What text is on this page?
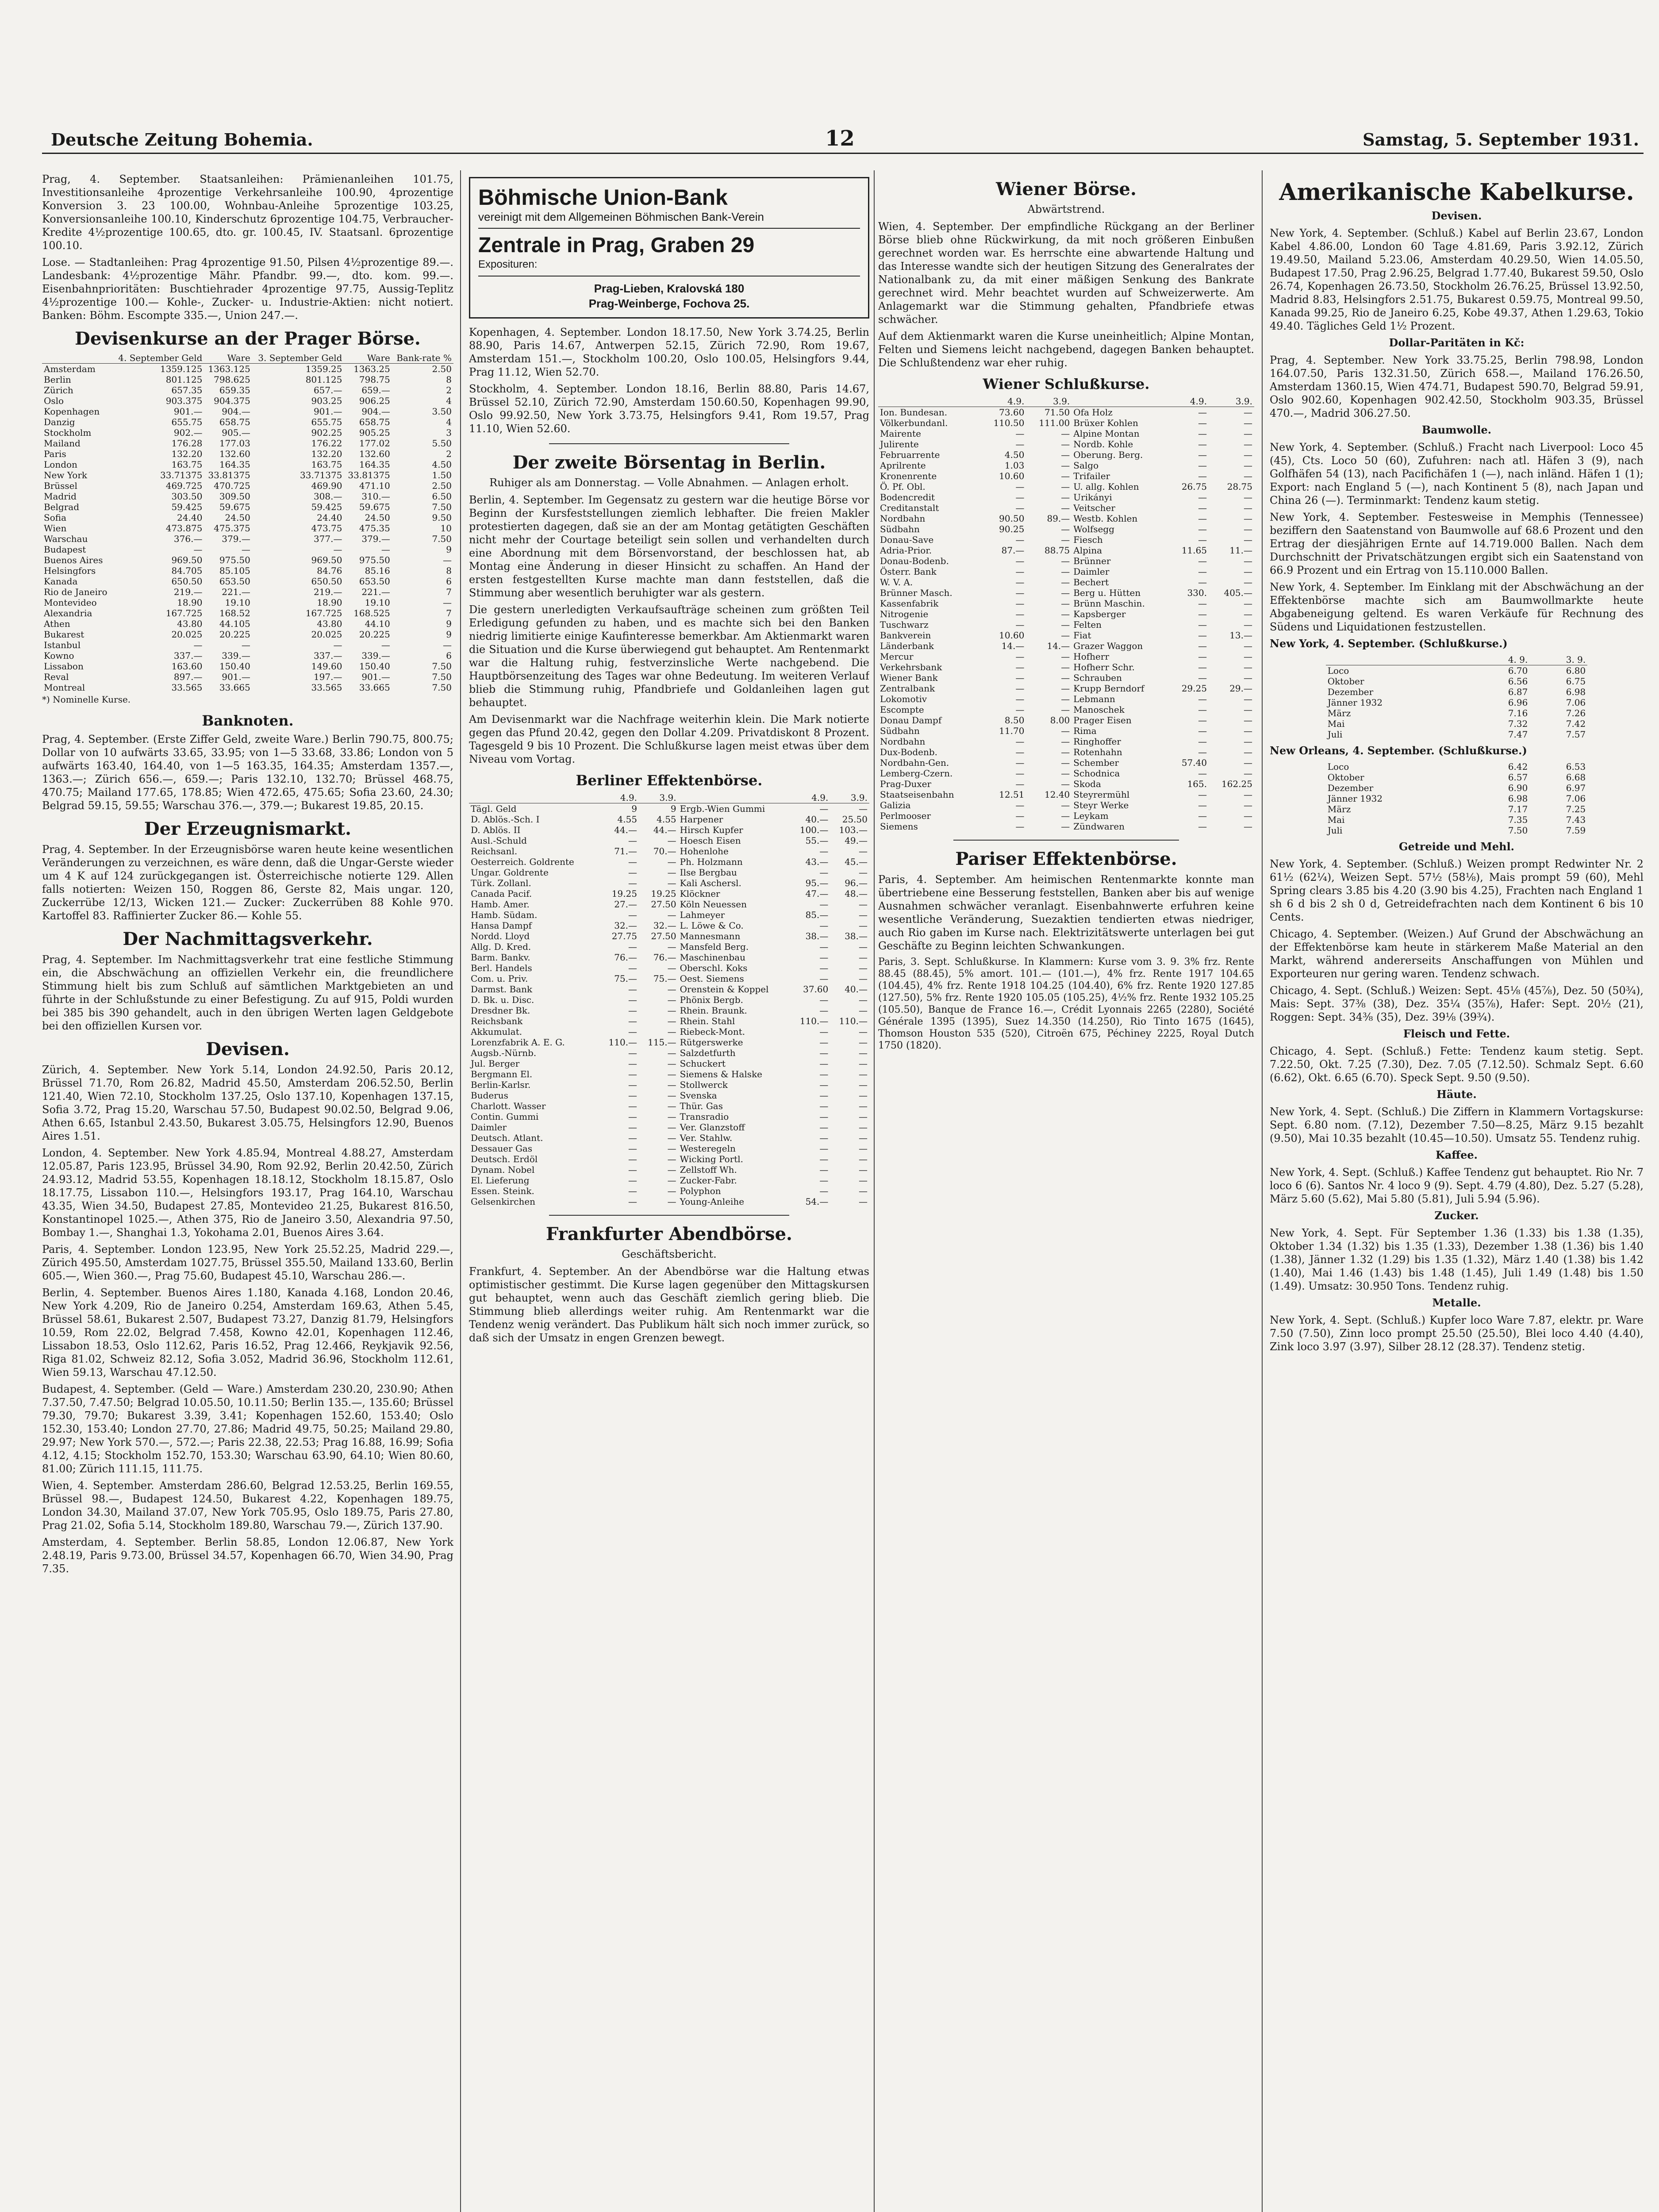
Deutsche Zeitung Bohemia.	12	Samstag, 5. September 1931.

Prag, 4. September. Staatsanleihen: Prämienanleihen 101.75, Investitionsanleihe 4prozentige Verkehrsanleihe 100.90, 4prozentige Konversion 3. 23 100.00, Wohnbau-Anleihe 5prozentige 103.25, Konversionsanleihe 100.10, Kinderschutz 6prozentige 104.75, Verbraucher-Kredite 4½prozentige 100.65, dto. gr. 100.45, IV. Staatsanl. 6prozentige 100.10.

Lose. — Stadtanleihen: Prag 4prozentige 91.50, Pilsen 4½prozentige 89.—. Landesbank: 4½prozentige Mähr. Pfandbr. 99.—, dto. kom. 99.—. Eisenbahnprioritäten: Buschtiehrader 4prozentige 97.75, Aussig-Teplitz 4½prozentige 100.— Kohle-, Zucker- u. Industrie-Aktien: nicht notiert. Banken: Böhm. Escompte 335.—, Union 247.—.

Devisenkurse an der Prager Börse.
	4. September Geld	Ware	3. September Geld	Ware	Bank-rate %
Amsterdam	1359.125	1363.125	1359.25	1363.25	2.50
Berlin	801.125	798.625	801.125	798.75	8
Zürich	657.35	659.35	657.—	659.—	2
Oslo	903.375	904.375	903.25	906.25	4
Kopenhagen	901.—	904.—	901.—	904.—	3.50
Danzig	655.75	658.75	655.75	658.75	4
Stockholm	902.—	905.—	902.25	905.25	3
Mailand	176.28	177.03	176.22	177.02	5.50
Paris	132.20	132.60	132.20	132.60	2
London	163.75	164.35	163.75	164.35	4.50
New York	33.71375	33.81375	33.71375	33.81375	1.50
Brüssel	469.725	470.725	469.90	471.10	2.50
Madrid	303.50	309.50	308.—	310.—	6.50
Belgrad	59.425	59.675	59.425	59.675	7.50
Sofia	24.40	24.50	24.40	24.50	9.50
Wien	473.875	475.375	473.75	475.35	10
Warschau	376.—	379.—	377.—	379.—	7.50
Budapest	—	—	—	—	9
Buenos Aires	969.50	975.50	969.50	975.50	—
Helsingfors	84.705	85.105	84.76	85.16	8
Kanada	650.50	653.50	650.50	653.50	6
Rio de Janeiro	219.—	221.—	219.—	221.—	7
Montevideo	18.90	19.10	18.90	19.10	—
Alexandria	167.725	168.52	167.725	168.525	7
Athen	43.80	44.105	43.80	44.10	9
Bukarest	20.025	20.225	20.025	20.225	9
Istanbul	—	—	—	—	—
Kowno	337.—	339.—	337.—	339.—	6
Lissabon	163.60	150.40	149.60	150.40	7.50
Reval	897.—	901.—	197.—	901.—	7.50
Montreal	33.565	33.665	33.565	33.665	7.50

*) Nominelle Kurse.

Banknoten.

Prag, 4. September. (Erste Ziffer Geld, zweite Ware.) Berlin 790.75, 800.75; Dollar von 10 aufwärts 33.65, 33.95; von 1—5 33.68, 33.86; London von 5 aufwärts 163.40, 164.40, von 1—5 163.35, 164.35; Amsterdam 1357.—, 1363.—; Zürich 656.—, 659.—; Paris 132.10, 132.70; Brüssel 468.75, 470.75; Mailand 177.65, 178.85; Wien 472.65, 475.65; Sofia 23.60, 24.30; Belgrad 59.15, 59.55; Warschau 376.—, 379.—; Bukarest 19.85, 20.15.

Der Erzeugnismarkt.

Prag, 4. September. In der Erzeugnisbörse waren heute keine wesentlichen Veränderungen zu verzeichnen, es wäre denn, daß die Ungar-Gerste wieder um 4 K auf 124 zurückgegangen ist. Österreichische notierte 129. Allen falls notierten: Weizen 150, Roggen 86, Gerste 82, Mais ungar. 120, Zuckerrübe 12/13, Wicken 121.— Zucker: Zuckerrüben 88 Kohle 970. Kartoffel 83. Raffinierter Zucker 86.— Kohle 55.

Der Nachmittagsverkehr.

Prag, 4. September. Im Nachmittagsverkehr trat eine festliche Stimmung ein, die Abschwächung an offiziellen Verkehr ein, die freundlichere Stimmung hielt bis zum Schluß auf sämtlichen Marktgebieten an und führte in der Schlußstunde zu einer Befestigung. Zu auf 915, Poldi wurden bei 385 bis 390 gehandelt, auch in den übrigen Werten lagen Geldgebote bei den offiziellen Kursen vor.

Devisen.

Zürich, 4. September. New York 5.14, London 24.92.50, Paris 20.12, Brüssel 71.70, Rom 26.82, Madrid 45.50, Amsterdam 206.52.50, Berlin 121.40, Wien 72.10, Stockholm 137.25, Oslo 137.10, Kopenhagen 137.15, Sofia 3.72, Prag 15.20, Warschau 57.50, Budapest 90.02.50, Belgrad 9.06, Athen 6.65, Istanbul 2.43.50, Bukarest 3.05.75, Helsingfors 12.90, Buenos Aires 1.51.

London, 4. September. New York 4.85.94, Montreal 4.88.27, Amsterdam 12.05.87, Paris 123.95, Brüssel 34.90, Rom 92.92, Berlin 20.42.50, Zürich 24.93.12, Madrid 53.55, Kopenhagen 18.18.12, Stockholm 18.15.87, Oslo 18.17.75, Lissabon 110.—, Helsingfors 193.17, Prag 164.10, Warschau 43.35, Wien 34.50, Budapest 27.85, Montevideo 21.25, Bukarest 816.50, Konstantinopel 1025.—, Athen 375, Rio de Janeiro 3.50, Alexandria 97.50, Bombay 1.—, Shanghai 1.3, Yokohama 2.01, Buenos Aires 3.64.

Paris, 4. September. London 123.95, New York 25.52.25, Madrid 229.—, Zürich 495.50, Amsterdam 1027.75, Brüssel 355.50, Mailand 133.60, Berlin 605.—, Wien 360.—, Prag 75.60, Budapest 45.10, Warschau 286.—.

Berlin, 4. September. Buenos Aires 1.180, Kanada 4.168, London 20.46, New York 4.209, Rio de Janeiro 0.254, Amsterdam 169.63, Athen 5.45, Brüssel 58.61, Bukarest 2.507, Budapest 73.27, Danzig 81.79, Helsingfors 10.59, Rom 22.02, Belgrad 7.458, Kowno 42.01, Kopenhagen 112.46, Lissabon 18.53, Oslo 112.62, Paris 16.52, Prag 12.466, Reykjavik 92.56, Riga 81.02, Schweiz 82.12, Sofia 3.052, Madrid 36.96, Stockholm 112.61, Wien 59.13, Warschau 47.12.50.

Budapest, 4. September. (Geld — Ware.) Amsterdam 230.20, 230.90; Athen 7.37.50, 7.47.50; Belgrad 10.05.50, 10.11.50; Berlin 135.—, 135.60; Brüssel 79.30, 79.70; Bukarest 3.39, 3.41; Kopenhagen 152.60, 153.40; Oslo 152.30, 153.40; London 27.70, 27.86; Madrid 49.75, 50.25; Mailand 29.80, 29.97; New York 570.—, 572.—; Paris 22.38, 22.53; Prag 16.88, 16.99; Sofia 4.12, 4.15; Stockholm 152.70, 153.30; Warschau 63.90, 64.10; Wien 80.60, 81.00; Zürich 111.15, 111.75.

Wien, 4. September. Amsterdam 286.60, Belgrad 12.53.25, Berlin 169.55, Brüssel 98.—, Budapest 124.50, Bukarest 4.22, Kopenhagen 189.75, London 34.30, Mailand 37.07, New York 705.95, Oslo 189.75, Paris 27.80, Prag 21.02, Sofia 5.14, Stockholm 189.80, Warschau 79.—, Zürich 137.90.

Amsterdam, 4. September. Berlin 58.85, London 12.06.87, New York 2.48.19, Paris 9.73.00, Brüssel 34.57, Kopenhagen 66.70, Wien 34.90, Prag 7.35.

Böhmische Union-Bank
vereinigt mit dem Allgemeinen Böhmischen Bank-Verein
Zentrale in Prag, Graben 29
Exposituren:
Prag-Lieben, Kralovská 180
Prag-Weinberge, Fochova 25.

Kopenhagen, 4. September. London 18.17.50, New York 3.74.25, Berlin 88.90, Paris 14.67, Antwerpen 52.15, Zürich 72.90, Rom 19.67, Amsterdam 151.—, Stockholm 100.20, Oslo 100.05, Helsingfors 9.44, Prag 11.12, Wien 52.70.

Stockholm, 4. September. London 18.16, Berlin 88.80, Paris 14.67, Brüssel 52.10, Zürich 72.90, Amsterdam 150.60.50, Kopenhagen 99.90, Oslo 99.92.50, New York 3.73.75, Helsingfors 9.41, Rom 19.57, Prag 11.10, Wien 52.60.

Der zweite Börsentag in Berlin.
Ruhiger als am Donnerstag. — Volle Abnahmen. — Anlagen erholt.

Berlin, 4. September. Im Gegensatz zu gestern war die heutige Börse vor Beginn der Kursfeststellungen ziemlich lebhafter. Die freien Makler protestierten dagegen, daß sie an der am Montag getätigten Geschäften nicht mehr der Courtage beteiligt sein sollen und verhandelten durch eine Abordnung mit dem Börsenvorstand, der beschlossen hat, ab Montag eine Änderung in dieser Hinsicht zu schaffen. An Hand der ersten festgestellten Kurse machte man dann feststellen, daß die Stimmung aber wesentlich beruhigter war als gestern.

Die gestern unerledigten Verkaufsaufträge scheinen zum größten Teil Erledigung gefunden zu haben, und es machte sich bei den Banken niedrig limitierte einige Kaufinteresse bemerkbar. Am Aktienmarkt waren die Situation und die Kurse überwiegend gut behauptet. Am Rentenmarkt war die Haltung ruhig, festverzinsliche Werte nachgebend. Die Hauptbörsenzeitung des Tages war ohne Bedeutung. Im weiteren Verlauf blieb die Stimmung ruhig, Pfandbriefe und Goldanleihen lagen gut behauptet.

Am Devisenmarkt war die Nachfrage weiterhin klein. Die Mark notierte gegen das Pfund 20.42, gegen den Dollar 4.209. Privatdiskont 8 Prozent. Tagesgeld 9 bis 10 Prozent. Die Schlußkurse lagen meist etwas über dem Niveau vom Vortag.

Berliner Effektenbörse.
	4.9.	3.9.		4.9.	3.9.
Tägl. Geld	9	9	Ergb.-Wien Gummi	—	—
D. Ablös.-Sch. I	4.55	4.55	Harpener	40.—	25.50
D. Ablös. II	44.—	44.—	Hirsch Kupfer	100.—	103.—
Ausl.-Schuld	—	—	Hoesch Eisen	55.—	49.—
Reichsanl.	71.—	70.—	Hohenlohe	—	—
Oesterreich. Goldrente	—	—	Ph. Holzmann	43.—	45.—
Ungar. Goldrente	—	—	Ilse Bergbau	—	—
Türk. Zollanl.	—	—	Kali Aschersl.	95.—	96.—
Canada Pacif.	19.25	19.25	Klöckner	47.—	48.—
Hamb. Amer.	27.—	27.50	Köln Neuessen	—	—
Hamb. Südam.	—	—	Lahmeyer	85.—	—
Hansa Dampf	32.—	32.—	L. Löwe & Co.	—	—
Nordd. Lloyd	27.75	27.50	Mannesmann	38.—	38.—
Allg. D. Kred.	—	—	Mansfeld Berg.	—	—
Barm. Bankv.	76.—	76.—	Maschinenbau	—	—
Berl. Handels	—	—	Oberschl. Koks	—	—
Com. u. Priv.	75.—	75.—	Oest. Siemens	—	—
Darmst. Bank	—	—	Orenstein & Koppel	37.60	40.—
D. Bk. u. Disc.	—	—	Phönix Bergb.	—	—
Dresdner Bk.	—	—	Rhein. Braunk.	—	—
Reichsbank	—	—	Rhein. Stahl	110.—	110.—
Akkumulat.	—	—	Riebeck-Mont.	—	—
Lorenzfabrik A. E. G.	110.—	115.—	Rütgerswerke	—	—
Augsb.-Nürnb.	—	—	Salzdetfurth	—	—
Jul. Berger	—	—	Schuckert	—	—
Bergmann El.	—	—	Siemens & Halske	—	—
Berlin-Karlsr.	—	—	Stollwerck	—	—
Buderus	—	—	Svenska	—	—
Charlott. Wasser	—	—	Thür. Gas	—	—
Contin. Gummi	—	—	Transradio	—	—
Daimler	—	—	Ver. Glanzstoff	—	—
Deutsch. Atlant.	—	—	Ver. Stahlw.	—	—
Dessauer Gas	—	—	Westeregeln	—	—
Deutsch. Erdöl	—	—	Wicking Portl.	—	—
Dynam. Nobel	—	—	Zellstoff Wh.	—	—
El. Lieferung	—	—	Zucker-Fabr.	—	—
Essen. Steink.	—	—	Polyphon	—	—
Gelsenkirchen	—	—	Young-Anleihe	54.—	—
Frankfurter Abendbörse.
Geschäftsbericht.

Frankfurt, 4. September. An der Abendbörse war die Haltung etwas optimistischer gestimmt. Die Kurse lagen gegenüber den Mittagskursen gut behauptet, wenn auch das Geschäft ziemlich gering blieb. Die Stimmung blieb allerdings weiter ruhig. Am Rentenmarkt war die Tendenz wenig verändert. Das Publikum hält sich noch immer zurück, so daß sich der Umsatz in engen Grenzen bewegt.

Wiener Börse.
Abwärtstrend.

Wien, 4. September. Der empfindliche Rückgang an der Berliner Börse blieb ohne Rückwirkung, da mit noch größeren Einbußen gerechnet worden war. Es herrschte eine abwartende Haltung und das Interesse wandte sich der heutigen Sitzung des Generalrates der Nationalbank zu, da mit einer mäßigen Senkung des Bankrate gerechnet wird. Mehr beachtet wurden auf Schweizerwerte. Am Anlagemarkt war die Stimmung gehalten, Pfandbriefe etwas schwächer.

Auf dem Aktienmarkt waren die Kurse uneinheitlich; Alpine Montan, Felten und Siemens leicht nachgebend, dagegen Banken behauptet. Die Schlußtendenz war eher ruhig.

Wiener Schlußkurse.
	4.9.	3.9.		4.9.	3.9.
Ion. Bundesan.	73.60	71.50	Ofa Holz	—	—
Völkerbundanl.	110.50	111.00	Brüxer Kohlen	—	—
Mairente	—	—	Alpine Montan	—	—
Julirente	—	—	Nordb. Kohle	—	—
Februarrente	4.50	—	Oberung. Berg.	—	—
Aprilrente	1.03	—	Salgo	—	—
Kronenrente	10.60	—	Trifailer	—	—
Ö. Pf. Obl.	—	—	U. allg. Kohlen	26.75	28.75
Bodencredit	—	—	Urikányi	—	—
Creditanstalt	—	—	Veitscher	—	—
Nordbahn	90.50	89.—	Westb. Kohlen	—	—
Südbahn	90.25	—	Wolfsegg	—	—
Donau-Save	—	—	Fiesch	—	—
Adria-Prior.	87.—	88.75	Alpina	11.65	11.—
Donau-Bodenb.	—	—	Brünner	—	—
Österr. Bank	—	—	Daimler	—	—
W. V. A.	—	—	Bechert	—	—
Brünner Masch.	—	—	Berg u. Hütten	330.	405.—
Kassenfabrik	—	—	Brünn Maschin.	—	—
Nitrogenie	—	—	Kapsberger	—	—
Tuschwarz	—	—	Felten	—	—
Bankverein	10.60	—	Fiat	—	13.—
Länderbank	14.—	14.—	Grazer Waggon	—	—
Mercur	—	—	Hofherr	—	—
Verkehrsbank	—	—	Hofherr Schr.	—	—
Wiener Bank	—	—	Schrauben	—	—
Zentralbank	—	—	Krupp Berndorf	29.25	29.—
Lokomotiv	—	—	Lebmann	—	—
Escompte	—	—	Manoschek	—	—
Donau Dampf	8.50	8.00	Prager Eisen	—	—
Südbahn	11.70	—	Rima	—	—
Nordbahn	—	—	Ringhoffer	—	—
Dux-Bodenb.	—	—	Rotenhahn	—	—
Nordbahn-Gen.	—	—	Schember	57.40	—
Lemberg-Czern.	—	—	Schodnica	—	—
Prag-Duxer	—	—	Skoda	165.	162.25
Staatseisenbahn	12.51	12.40	Steyrermühl	—	—
Galizia	—	—	Steyr Werke	—	—
Perlmooser	—	—	Leykam	—	—
Siemens	—	—	Zündwaren	—	—
Pariser Effektenbörse.

Paris, 4. September. Am heimischen Rentenmarkte konnte man übertriebene eine Besserung feststellen, Banken aber bis auf wenige Ausnahmen schwächer veranlagt. Eisenbahnwerte erfuhren keine wesentliche Veränderung, Suezaktien tendierten etwas niedriger, auch Rio gaben im Kurse nach. Elektrizitätswerte unterlagen bei gut Geschäfte zu Beginn leichten Schwankungen.

Paris, 3. Sept. Schlußkurse. In Klammern: Kurse vom 3. 9. 3% frz. Rente 88.45 (88.45), 5% amort. 101.— (101.—), 4% frz. Rente 1917 104.65 (104.45), 4% frz. Rente 1918 104.25 (104.40), 6% frz. Rente 1920 127.85 (127.50), 5% frz. Rente 1920 105.05 (105.25), 4½% frz. Rente 1932 105.25 (105.50), Banque de France 16.—, Crédit Lyonnais 2265 (2280), Société Générale 1395 (1395), Suez 14.350 (14.250), Rio Tinto 1675 (1645), Thomson Houston 535 (520), Citroën 675, Péchiney 2225, Royal Dutch 1750 (1820).

Amerikanische Kabelkurse.
Devisen.

New York, 4. September. (Schluß.) Kabel auf Berlin 23.67, London Kabel 4.86.00, London 60 Tage 4.81.69, Paris 3.92.12, Zürich 19.49.50, Mailand 5.23.06, Amsterdam 40.29.50, Wien 14.05.50, Budapest 17.50, Prag 2.96.25, Belgrad 1.77.40, Bukarest 59.50, Oslo 26.74, Kopenhagen 26.73.50, Stockholm 26.76.25, Brüssel 13.92.50, Madrid 8.83, Helsingfors 2.51.75, Bukarest 0.59.75, Montreal 99.50, Kanada 99.25, Rio de Janeiro 6.25, Kobe 49.37, Athen 1.29.63, Tokio 49.40. Tägliches Geld 1½ Prozent.

Dollar-Paritäten in Kč:

Prag, 4. September. New York 33.75.25, Berlin 798.98, London 164.07.50, Paris 132.31.50, Zürich 658.—, Mailand 176.26.50, Amsterdam 1360.15, Wien 474.71, Budapest 590.70, Belgrad 59.91, Oslo 902.60, Kopenhagen 902.42.50, Stockholm 903.35, Brüssel 470.—, Madrid 306.27.50.

Baumwolle.

New York, 4. September. (Schluß.) Fracht nach Liverpool: Loco 45 (45), Cts. Loco 50 (60), Zufuhren: nach atl. Häfen 3 (9), nach Golfhäfen 54 (13), nach Pacifichäfen 1 (—), nach inländ. Häfen 1 (1); Export: nach England 5 (—), nach Kontinent 5 (8), nach Japan und China 26 (—). Terminmarkt: Tendenz kaum stetig.

New York, 4. September. Festesweise in Memphis (Tennessee) beziffern den Saatenstand von Baumwolle auf 68.6 Prozent und den Ertrag der diesjährigen Ernte auf 14.719.000 Ballen. Nach dem Durchschnitt der Privatschätzungen ergibt sich ein Saatenstand von 66.9 Prozent und ein Ertrag von 15.110.000 Ballen.

New York, 4. September. Im Einklang mit der Abschwächung an der Effektenbörse machte sich am Baumwollmarkte heute Abgabeneigung geltend. Es waren Verkäufe für Rechnung des Südens und Liquidationen festzustellen.

New York, 4. September. (Schlußkurse.)
	4. 9.	3. 9.
Loco	6.70	6.80
Oktober	6.56	6.75
Dezember	6.87	6.98
Jänner 1932	6.96	7.06
März	7.16	7.26
Mai	7.32	7.42
Juli	7.47	7.57
New Orleans, 4. September. (Schlußkurse.)
Loco	6.42	6.53
Oktober	6.57	6.68
Dezember	6.90	6.97
Jänner 1932	6.98	7.06
März	7.17	7.25
Mai	7.35	7.43
Juli	7.50	7.59
Getreide und Mehl.

New York, 4. September. (Schluß.) Weizen prompt Redwinter Nr. 2 61½ (62¼), Weizen Sept. 57½ (58⅛), Mais prompt 59 (60), Mehl Spring clears 3.85 bis 4.20 (3.90 bis 4.25), Frachten nach England 1 sh 6 d bis 2 sh 0 d, Getreidefrachten nach dem Kontinent 6 bis 10 Cents.

Chicago, 4. September. (Weizen.) Auf Grund der Abschwächung an der Effektenbörse kam heute in stärkerem Maße Material an den Markt, während andererseits Anschaffungen von Mühlen und Exporteuren nur gering waren. Tendenz schwach.

Chicago, 4. Sept. (Schluß.) Weizen: Sept. 45⅛ (45⅞), Dez. 50 (50¾), Mais: Sept. 37⅜ (38), Dez. 35¼ (35⅞), Hafer: Sept. 20½ (21), Roggen: Sept. 34⅜ (35), Dez. 39⅛ (39¾).

Fleisch und Fette.

Chicago, 4. Sept. (Schluß.) Fette: Tendenz kaum stetig. Sept. 7.22.50, Okt. 7.25 (7.30), Dez. 7.05 (7.12.50). Schmalz Sept. 6.60 (6.62), Okt. 6.65 (6.70). Speck Sept. 9.50 (9.50).

Häute.

New York, 4. Sept. (Schluß.) Die Ziffern in Klammern Vortagskurse: Sept. 6.80 nom. (7.12), Dezember 7.50—8.25, März 9.15 bezahlt (9.50), Mai 10.35 bezahlt (10.45—10.50). Umsatz 55. Tendenz ruhig.

Kaffee.

New York, 4. Sept. (Schluß.) Kaffee Tendenz gut behauptet. Rio Nr. 7 loco 6 (6). Santos Nr. 4 loco 9 (9). Sept. 4.79 (4.80), Dez. 5.27 (5.28), März 5.60 (5.62), Mai 5.80 (5.81), Juli 5.94 (5.96).

Zucker.

New York, 4. Sept. Für September 1.36 (1.33) bis 1.38 (1.35), Oktober 1.34 (1.32) bis 1.35 (1.33), Dezember 1.38 (1.36) bis 1.40 (1.38), Jänner 1.32 (1.29) bis 1.35 (1.32), März 1.40 (1.38) bis 1.42 (1.40), Mai 1.46 (1.43) bis 1.48 (1.45), Juli 1.49 (1.48) bis 1.50 (1.49). Umsatz: 30.950 Tons. Tendenz ruhig.

Metalle.

New York, 4. Sept. (Schluß.) Kupfer loco Ware 7.87, elektr. pr. Ware 7.50 (7.50), Zinn loco prompt 25.50 (25.50), Blei loco 4.40 (4.40), Zink loco 3.97 (3.97), Silber 28.12 (28.37). Tendenz stetig.
